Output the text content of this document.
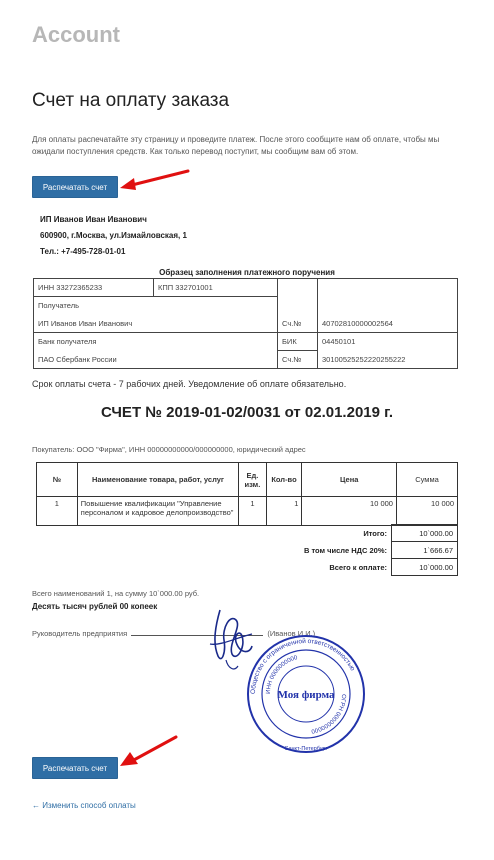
Account
Счет на оплату заказа
Для оплаты распечатайте эту страницу и проведите платеж. После этого сообщите нам об оплате, чтобы мы ожидали поступления средств. Как только перевод поступит, мы сообщим вам об этом.
Распечатать счет
ИП Иванов Иван Иванович
600900, г.Москва, ул.Измайловская, 1
Тел.: +7-495-728-01-01
Образец заполнения платежного поручения
ИНН 33272365233	КПП 332701001		
Получатель			
ИП Иванов Иван Иванович		Сч.№	40702810000002564
Банк получателя		БИК	04450101
ПАО Сбербанк России		Сч.№	30100525252220255222
Срок оплаты счета - 7 рабочих дней. Уведомление об оплате обязательно.
СЧЕТ № 2019-01-02/0031 от 02.01.2019 г.
Покупатель: ООО "Фирма", ИНН 00000000000/000000000, юридический адрес
№	Наименование товара, работ, услуг	Ед. изм.	Кол-во	Цена	Сумма
1	Повышение квалификации "Управление персоналом и кадровое делопроизводство"	1	1	10 000	10 000
Итого:	10`000.00
В том числе НДС 20%:	1`666.67
Всего к оплате:	10`000.00
Всего наименований 1, на сумму 10`000.00 руб.
Десять тысяч рублей 00 копеек
Руководитель предприятия	(Иванов И.И.)
Общество с ограниченной ответственностью
ИНН 0000000000
ОГРН 0000000000
Санкт-Петербург
Моя фирма
Распечатать счет
← Изменить способ оплаты
